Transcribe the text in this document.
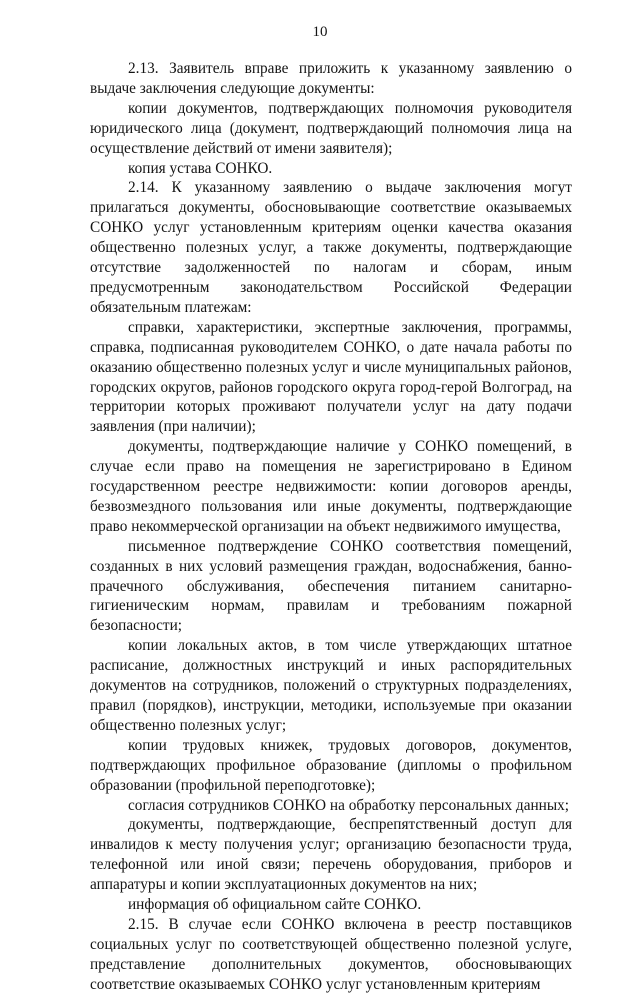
10

2.13. Заявитель вправе приложить к указанному заявлению о выдаче заключения следующие документы:

копии документов, подтверждающих полномочия руководителя юридического лица (документ, подтверждающий полномочия лица на осуществление действий от имени заявителя);

копия устава СОНКО.

2.14. К указанному заявлению о выдаче заключения могут прилагаться документы, обосновывающие соответствие оказываемых СОНКО услуг установленным критериям оценки качества оказания общественно полезных услуг, а также документы, подтверждающие отсутствие задолженностей по налогам и сборам, иным предусмотренным законодательством Российской Федерации обязательным платежам:

справки, характеристики, экспертные заключения, программы, справка, подписанная руководителем СОНКО, о дате начала работы по оказанию общественно полезных услуг и числе муниципальных районов, городских округов, районов городского округа город-герой Волгоград, на территории которых проживают получатели услуг на дату подачи заявления (при наличии);

документы, подтверждающие наличие у СОНКО помещений, в случае если право на помещения не зарегистрировано в Едином государственном реестре недвижимости: копии договоров аренды, безвозмездного пользования или иные документы, подтверждающие право некоммерческой организации на объект недвижимого имущества,

письменное подтверждение СОНКО соответствия помещений, созданных в них условий размещения граждан, водоснабжения, банно-прачечного обслуживания, обеспечения питанием санитарно-гигиеническим нормам, правилам и требованиям пожарной безопасности;

копии локальных актов, в том числе утверждающих штатное расписание, должностных инструкций и иных распорядительных документов на сотрудников, положений о структурных подразделениях, правил (порядков), инструкции, методики, используемые при оказании общественно полезных услуг;

копии трудовых книжек, трудовых договоров, документов, подтверждающих профильное образование (дипломы о профильном образовании (профильной переподготовке);

согласия сотрудников СОНКО на обработку персональных данных;

документы, подтверждающие, беспрепятственный доступ для инвалидов к месту получения услуг; организацию безопасности труда, телефонной или иной связи; перечень оборудования, приборов и аппаратуры и копии эксплуатационных документов на них;

информация об официальном сайте СОНКО.

2.15. В случае если СОНКО включена в реестр поставщиков социальных услуг по соответствующей общественно полезной услуге, представление дополнительных документов, обосновывающих соответствие оказываемых СОНКО услуг установленным критериям
